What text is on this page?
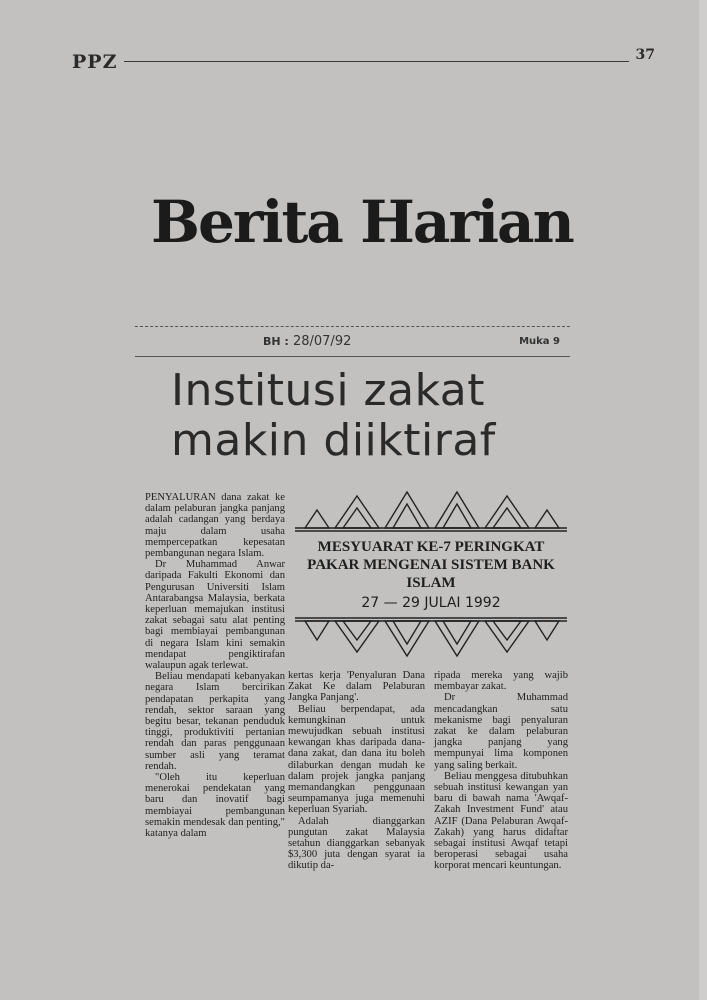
PPZ	37
Berita Harian
BH : 28/07/92	Muka 9
Institusi zakat
makin diiktiraf

PENYALURAN dana zakat ke dalam pelaburan jangka panjang adalah cadangan yang berdaya maju dalam usaha mempercepatkan kepesatan pembangunan negara Islam.

Dr Muhammad Anwar daripada Fakulti Ekonomi dan Pengurusan Universiti Islam Antarabangsa Malaysia, berkata keperluan memajukan institusi zakat sebagai satu alat penting bagi membiayai pembangunan di negara Islam kini semakin mendapat pengiktirafan walaupun agak terlewat.

Beliau mendapati kebanyakan negara Islam bercirikan pendapatan perkapita yang rendah, sektor saraan yang begitu besar, tekanan penduduk tinggi, produktiviti pertanian rendah dan paras penggunaan sumber asli yang teramat rendah.

"Oleh itu keperluan menerokai pendekatan yang baru dan inovatif bagi membiayai pembangunan semakin mendesak dan penting," katanya dalam

MESYUARAT KE-7 PERINGKAT PAKAR MENGENAI SISTEM BANK ISLAM
27 — 29 JULAI 1992

kertas kerja 'Penyaluran Dana Zakat Ke dalam Pelaburan Jangka Panjang'.

Beliau berpendapat, ada kemungkinan untuk mewujudkan sebuah institusi kewangan khas daripada dana-dana zakat, dan dana itu boleh dilaburkan dengan mudah ke dalam projek jangka panjang memandangkan penggunaan seumpamanya juga memenuhi keperluan Syariah.

Adalah dianggarkan pungutan zakat Malaysia setahun dianggarkan sebanyak $3,300 juta dengan syarat ia dikutip da-

ripada mereka yang wajib membayar zakat.

Dr Muhammad mencadangkan satu mekanisme bagi penyaluran zakat ke dalam pelaburan jangka panjang yang mempunyai lima komponen yang saling berkait.

Beliau menggesa ditubuhkan sebuah institusi kewangan yan baru di bawah nama 'Awqaf-Zakah Investment Fund' atau AZIF (Dana Pelaburan Awqaf-Zakah) yang harus didaftar sebagai institusi Awqaf tetapi beroperasi sebagai usaha korporat mencari keuntungan.
